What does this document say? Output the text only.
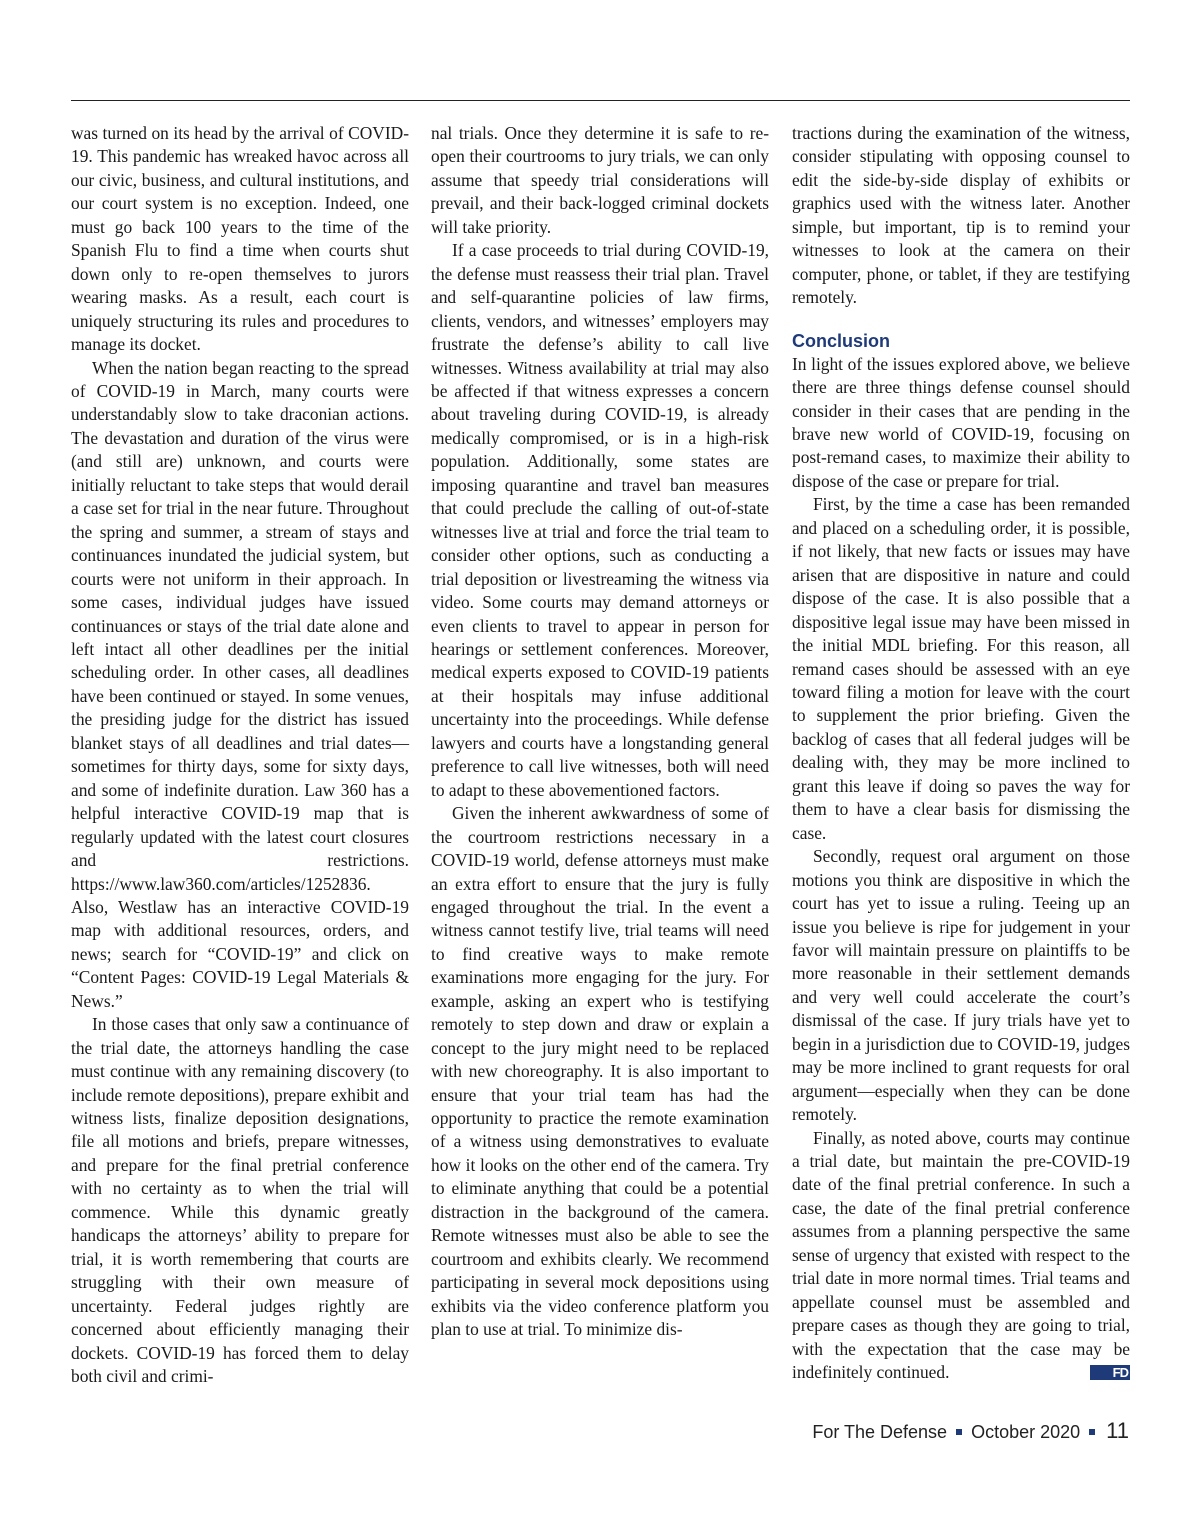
was turned on its head by the arrival of COVID-19. This pandemic has wreaked havoc across all our civic, business, and cultural institutions, and our court system is no exception. Indeed, one must go back 100 years to the time of the Spanish Flu to find a time when courts shut down only to re-open themselves to jurors wearing masks. As a result, each court is uniquely structuring its rules and procedures to manage its docket.

When the nation began reacting to the spread of COVID-19 in March, many courts were understandably slow to take draconian actions. The devastation and duration of the virus were (and still are) unknown, and courts were initially reluctant to take steps that would derail a case set for trial in the near future. Throughout the spring and summer, a stream of stays and continuances inundated the judicial system, but courts were not uniform in their approach. In some cases, individual judges have issued continuances or stays of the trial date alone and left intact all other deadlines per the initial scheduling order. In other cases, all deadlines have been continued or stayed. In some venues, the presiding judge for the district has issued blanket stays of all deadlines and trial dates—sometimes for thirty days, some for sixty days, and some of indefinite duration. Law 360 has a helpful interactive COVID-19 map that is regularly updated with the latest court closures and restrictions. https://www.law360.com/articles/1252836. Also, Westlaw has an interactive COVID-19 map with additional resources, orders, and news; search for “COVID-19” and click on “Content Pages: COVID-19 Legal Materials & News.”

In those cases that only saw a continuance of the trial date, the attorneys handling the case must continue with any remaining discovery (to include remote depositions), prepare exhibit and witness lists, finalize deposition designations, file all motions and briefs, prepare witnesses, and prepare for the final pretrial conference with no certainty as to when the trial will commence. While this dynamic greatly handicaps the attorneys’ ability to prepare for trial, it is worth remembering that courts are struggling with their own measure of uncertainty. Federal judges rightly are concerned about efficiently managing their dockets. COVID-19 has forced them to delay both civil and crimi-

nal trials. Once they determine it is safe to re-open their courtrooms to jury trials, we can only assume that speedy trial considerations will prevail, and their back-logged criminal dockets will take priority.

If a case proceeds to trial during COVID-19, the defense must reassess their trial plan. Travel and self-quarantine policies of law firms, clients, vendors, and witnesses’ employers may frustrate the defense’s ability to call live witnesses. Witness availability at trial may also be affected if that witness expresses a concern about traveling during COVID-19, is already medically compromised, or is in a high-risk population. Additionally, some states are imposing quarantine and travel ban measures that could preclude the calling of out-of-state witnesses live at trial and force the trial team to consider other options, such as conducting a trial deposition or livestreaming the witness via video. Some courts may demand attorneys or even clients to travel to appear in person for hearings or settlement conferences. Moreover, medical experts exposed to COVID-19 patients at their hospitals may infuse additional uncertainty into the proceedings. While defense lawyers and courts have a longstanding general preference to call live witnesses, both will need to adapt to these abovementioned factors.

Given the inherent awkwardness of some of the courtroom restrictions necessary in a COVID-19 world, defense attorneys must make an extra effort to ensure that the jury is fully engaged throughout the trial. In the event a witness cannot testify live, trial teams will need to find creative ways to make remote examinations more engaging for the jury. For example, asking an expert who is testifying remotely to step down and draw or explain a concept to the jury might need to be replaced with new choreography. It is also important to ensure that your trial team has had the opportunity to practice the remote examination of a witness using demonstratives to evaluate how it looks on the other end of the camera. Try to eliminate anything that could be a potential distraction in the background of the camera. Remote witnesses must also be able to see the courtroom and exhibits clearly. We recommend participating in several mock depositions using exhibits via the video conference platform you plan to use at trial. To minimize dis-

tractions during the examination of the witness, consider stipulating with opposing counsel to edit the side-by-side display of exhibits or graphics used with the witness later. Another simple, but important, tip is to remind your witnesses to look at the camera on their computer, phone, or tablet, if they are testifying remotely.

Conclusion

In light of the issues explored above, we believe there are three things defense counsel should consider in their cases that are pending in the brave new world of COVID-19, focusing on post-remand cases, to maximize their ability to dispose of the case or prepare for trial.

First, by the time a case has been remanded and placed on a scheduling order, it is possible, if not likely, that new facts or issues may have arisen that are dispositive in nature and could dispose of the case. It is also possible that a dispositive legal issue may have been missed in the initial MDL briefing. For this reason, all remand cases should be assessed with an eye toward filing a motion for leave with the court to supplement the prior briefing. Given the backlog of cases that all federal judges will be dealing with, they may be more inclined to grant this leave if doing so paves the way for them to have a clear basis for dismissing the case.

Secondly, request oral argument on those motions you think are dispositive in which the court has yet to issue a ruling. Teeing up an issue you believe is ripe for judgement in your favor will maintain pressure on plaintiffs to be more reasonable in their settlement demands and very well could accelerate the court’s dismissal of the case. If jury trials have yet to begin in a jurisdiction due to COVID-19, judges may be more inclined to grant requests for oral argument—especially when they can be done remotely.

Finally, as noted above, courts may continue a trial date, but maintain the pre-COVID-19 date of the final pretrial conference. In such a case, the date of the final pretrial conference assumes from a planning perspective the same sense of urgency that existed with respect to the trial date in more normal times. Trial teams and appellate counsel must be assembled and prepare cases as though they are going to trial, with the expectation that the case may be indefinitely continued.	FD

For The Defense October 2020 11
